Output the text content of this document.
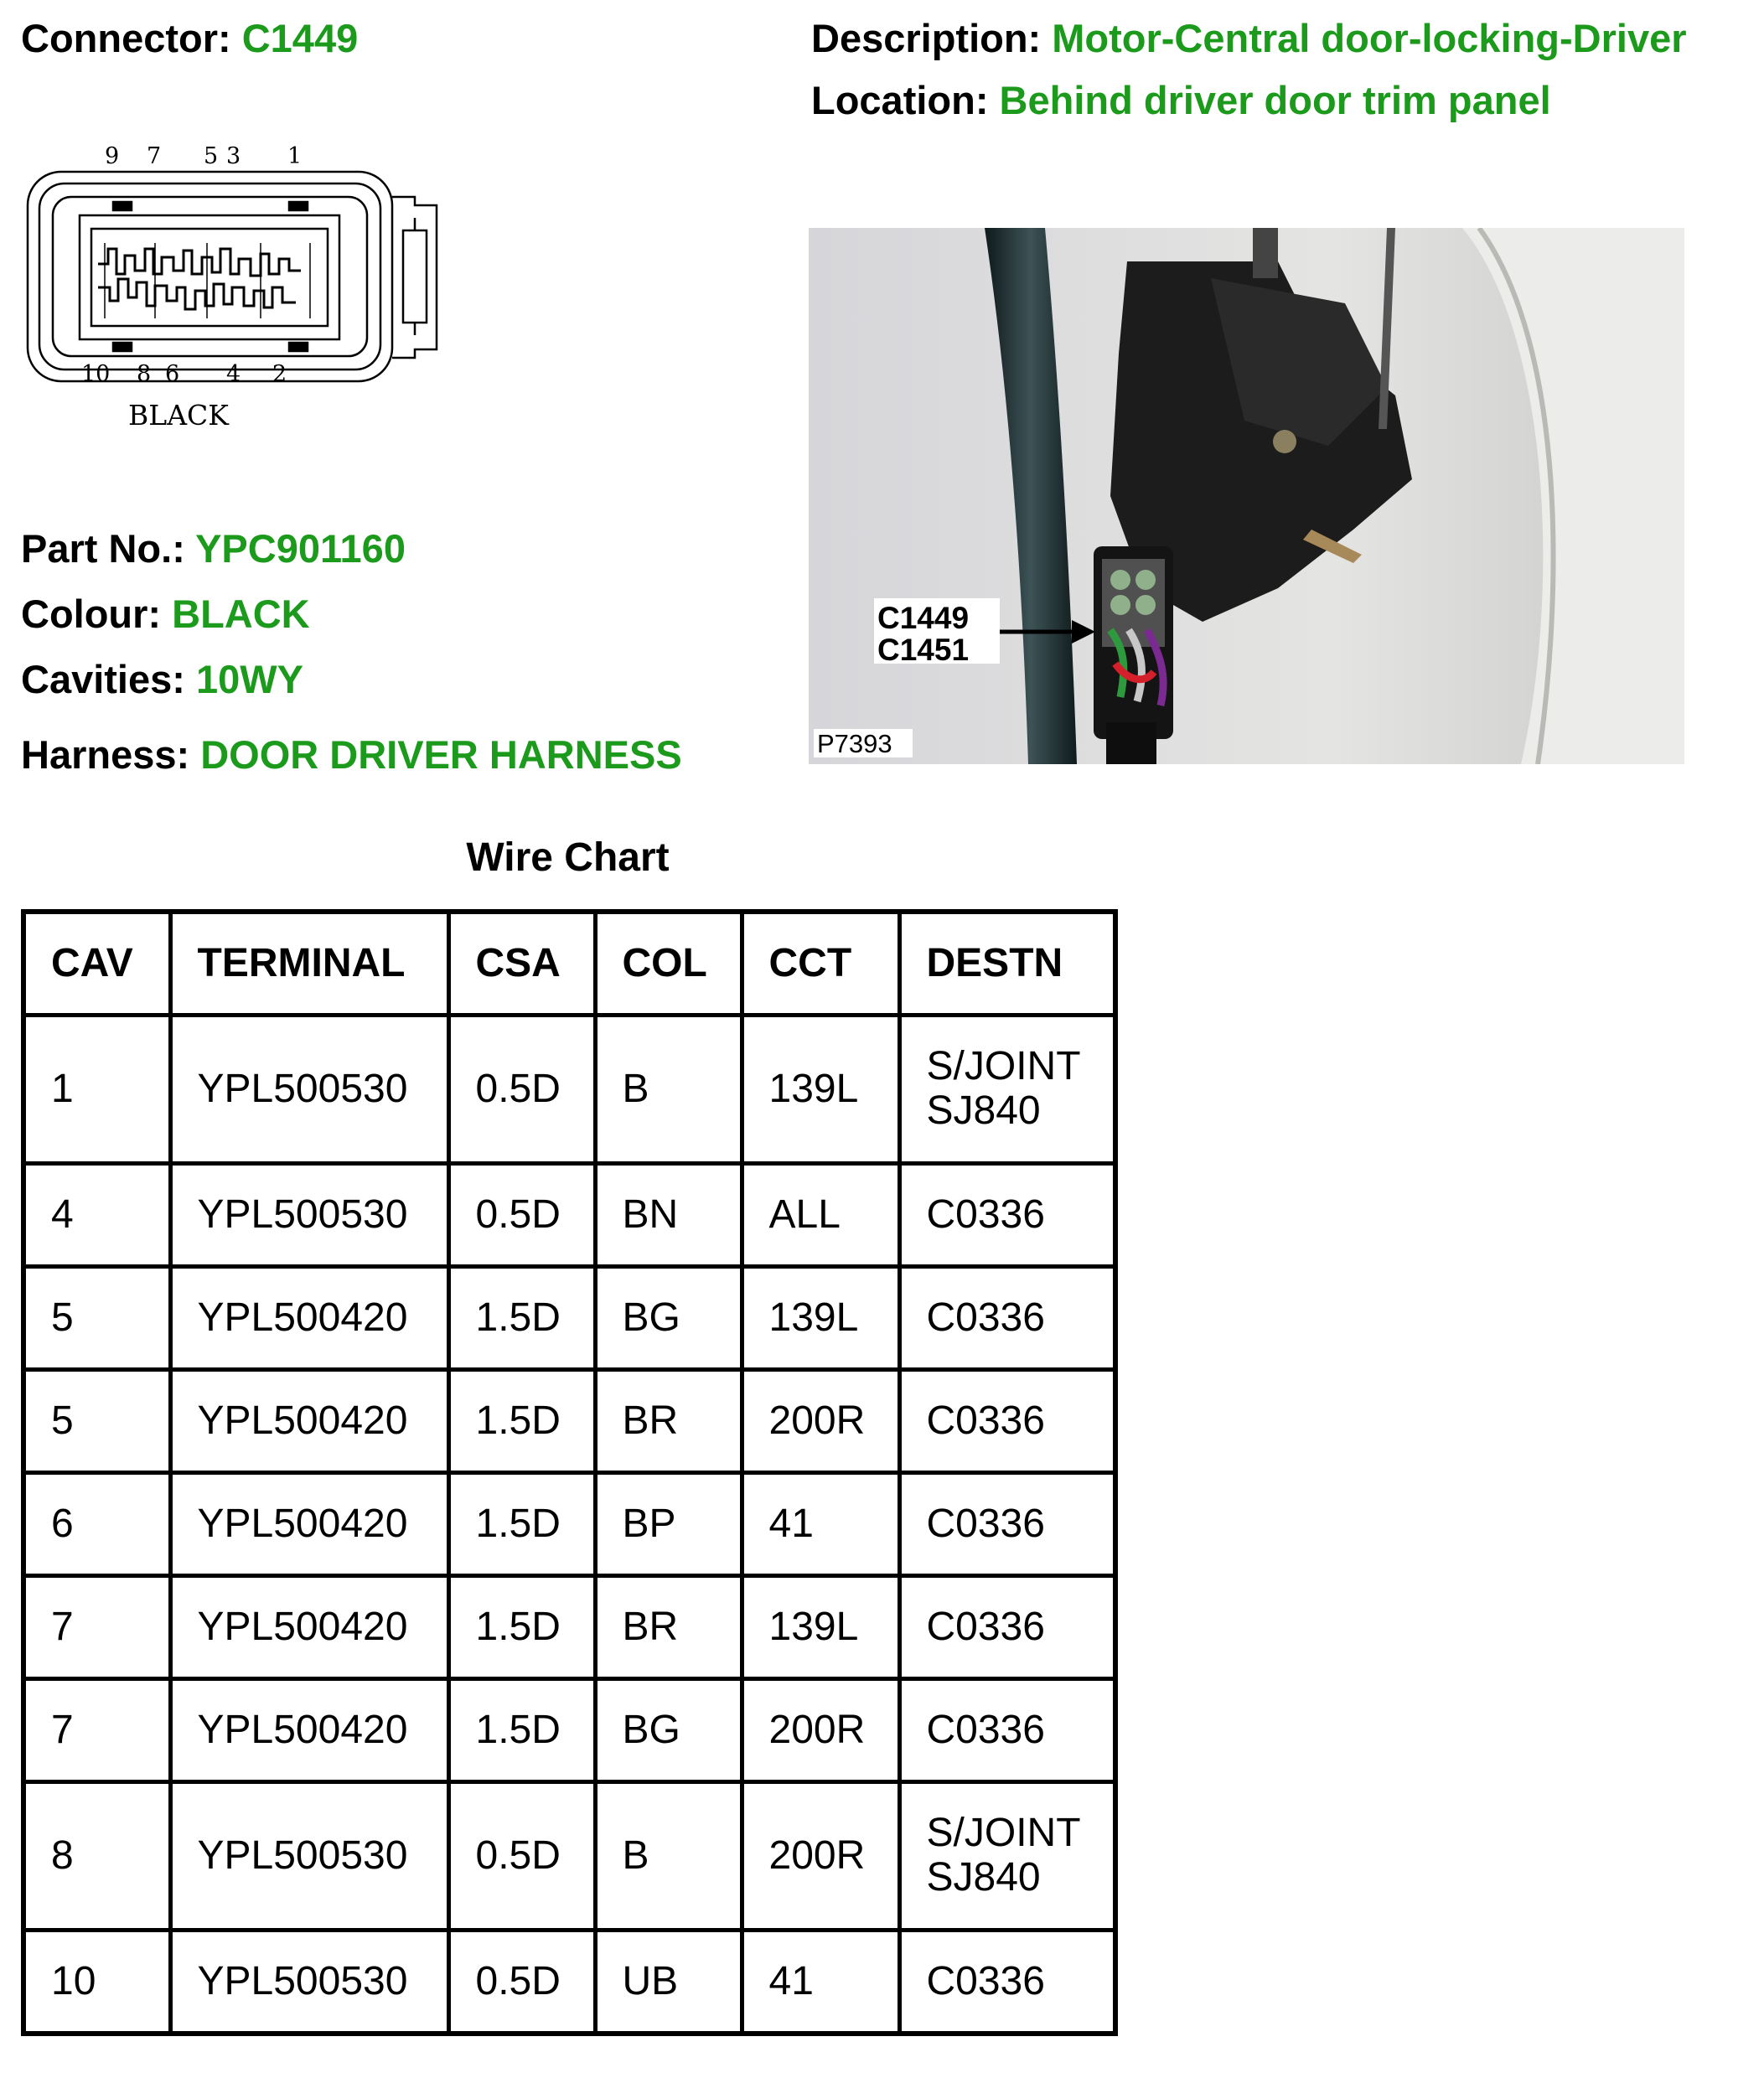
Connector: C1449	Description: Motor-Central door-locking-Driver
Location: Behind driver door trim panel
9 7 5 3 1
10 8 6 4 2
BLACK
C1449
C1451
P7393
Part No.: YPC901160
Colour: BLACK
Cavities: 10WY
Harness: DOOR DRIVER HARNESS
Wire Chart
CAV	TERMINAL	CSA	COL	CCT	DESTN
1	YPL500530	0.5D	B	139L	S/JOINT
SJ840

4	YPL500530	0.5D	BN	ALL	C0336

5	YPL500420	1.5D	BG	139L	C0336

5	YPL500420	1.5D	BR	200R	C0336

6	YPL500420	1.5D	BP	41	C0336

7	YPL500420	1.5D	BR	139L	C0336

7	YPL500420	1.5D	BG	200R	C0336

8	YPL500530	0.5D	B	200R	S/JOINT
SJ840

10	YPL500530	0.5D	UB	41	C0336
